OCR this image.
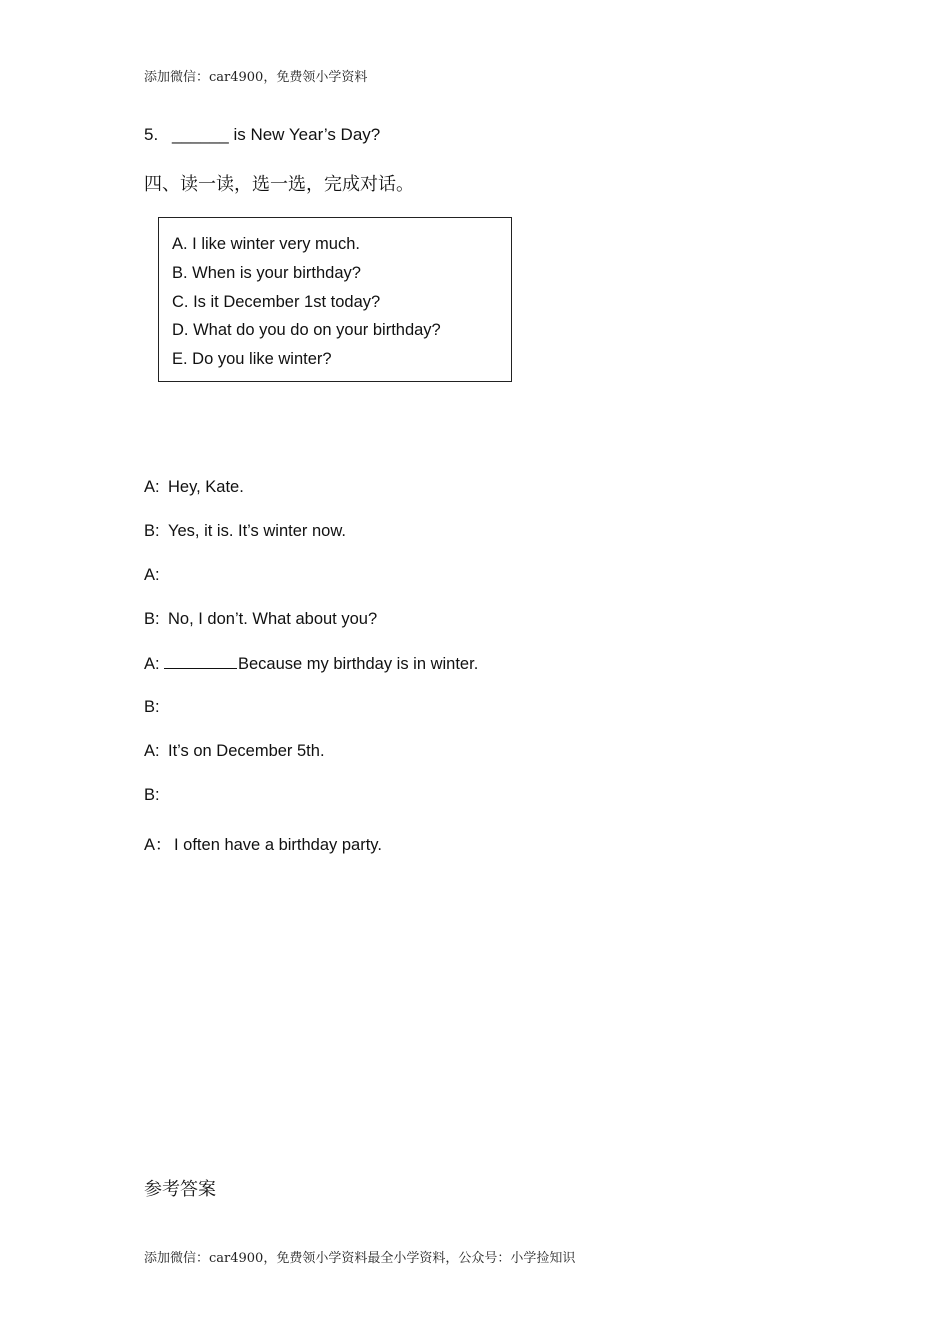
添加微信：car4900，免费领小学资料
5. ______ is New Year’s Day?
四、读一读，选一选，完成对话。
A. I like winter very much.
B. When is your birthday?
C. Is it December 1st today?
D. What do you do on your birthday?
E. Do you like winter?
A: Hey, Kate.
B: Yes, it is. It’s winter now.
A:
B: No, I don’t. What about you?
A:	Because my birthday is in winter.
B:
A: It’s on December 5th.
B:
A： I often have a birthday party.
参考答案
添加微信：car4900，免费领小学资料最全小学资料，公众号：小学捡知识
